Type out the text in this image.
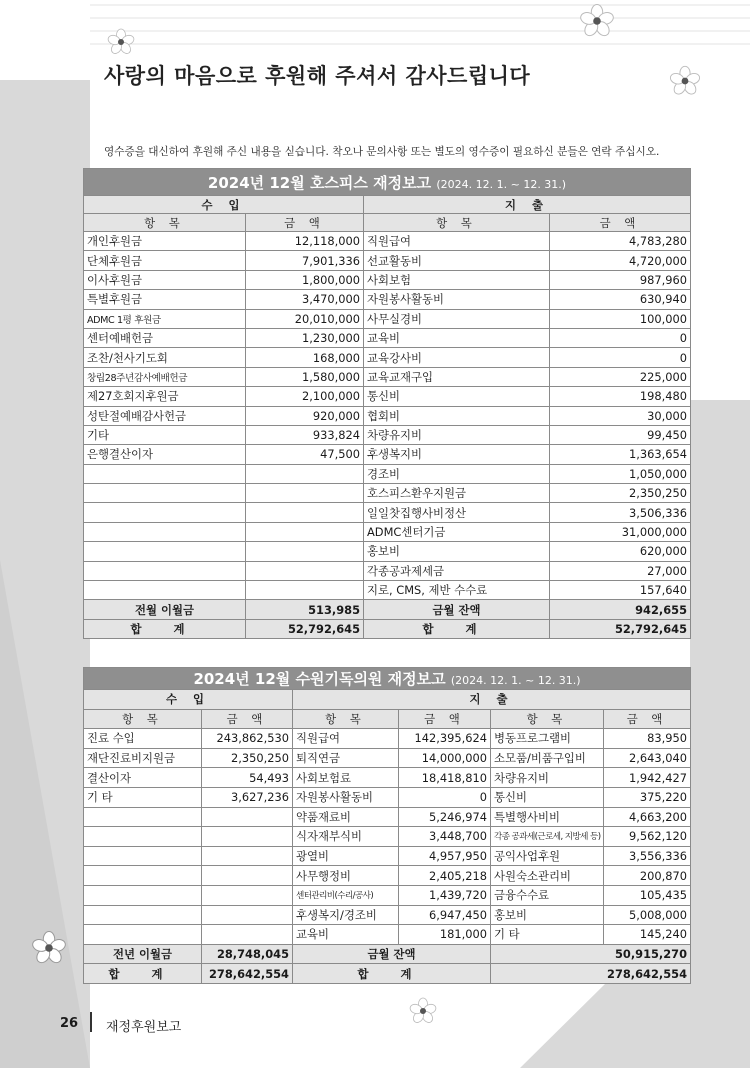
사랑의 마음으로 후원해 주셔서 감사드립니다
영수증을 대신하여 후원해 주신 내용을 싣습니다. 착오나 문의사항 또는 별도의 영수증이 필요하신 분들은 연락 주십시오.
2024년 12월 호스피스 재정보고 (2024. 12. 1. ~ 12. 31.)			
수 입		지 출	
항 목	금 액	항 목	금 액
개인후원금	12,118,000	직원급여	4,783,280
단체후원금	7,901,336	선교활동비	4,720,000
이사후원금	1,800,000	사회보험	987,960
특별후원금	3,470,000	자원봉사활동비	630,940
ADMC 1평 후원금	20,010,000	사무실경비	100,000
센터예배헌금	1,230,000	교육비	0
조찬/천사기도회	168,000	교육강사비	0
창립28주년감사예배헌금	1,580,000	교육교재구입	225,000
제27호회지후원금	2,100,000	통신비	198,480
성탄절예배감사헌금	920,000	협회비	30,000
기타	933,824	차량유지비	99,450
은행결산이자	47,500	후생복지비	1,363,654
		경조비	1,050,000
		호스피스환우지원금	2,350,250
		일일찻집행사비정산	3,506,336
		ADMC센터기금	31,000,000
		홍보비	620,000
		각종공과제세금	27,000
		지로, CMS, 제반 수수료	157,640
전월 이월금	513,985	금월 잔액	942,655
합 계	52,792,645	합 계	52,792,645
2024년 12월 수원기독의원 재정보고 (2024. 12. 1. ~ 12. 31.)					
수 입		지 출			
항 목	금 액	항 목	금 액	항 목	금 액
진료 수입	243,862,530	직원급여	142,395,624	병동프로그램비	83,950
재단진료비지원금	2,350,250	퇴직연금	14,000,000	소모품/비품구입비	2,643,040
결산이자	54,493	사회보험료	18,418,810	차량유지비	1,942,427
기 타	3,627,236	자원봉사활동비	0	통신비	375,220
		약품재료비	5,246,974	특별행사비비	4,663,200
		식자재부식비	3,448,700	각종 공과세(근로세, 지방세 등)	9,562,120
		광열비	4,957,950	공익사업후원	3,556,336
		사무행정비	2,405,218	사원숙소관리비	200,870
		센터관리비(수리/공사)	1,439,720	금융수수료	105,435
		후생복지/경조비	6,947,450	홍보비	5,008,000
		교육비	181,000	기 타	145,240
전년 이월금	28,748,045	금월 잔액		50,915,270	
합 계	278,642,554	합 계		278,642,554	
26 재정후원보고
